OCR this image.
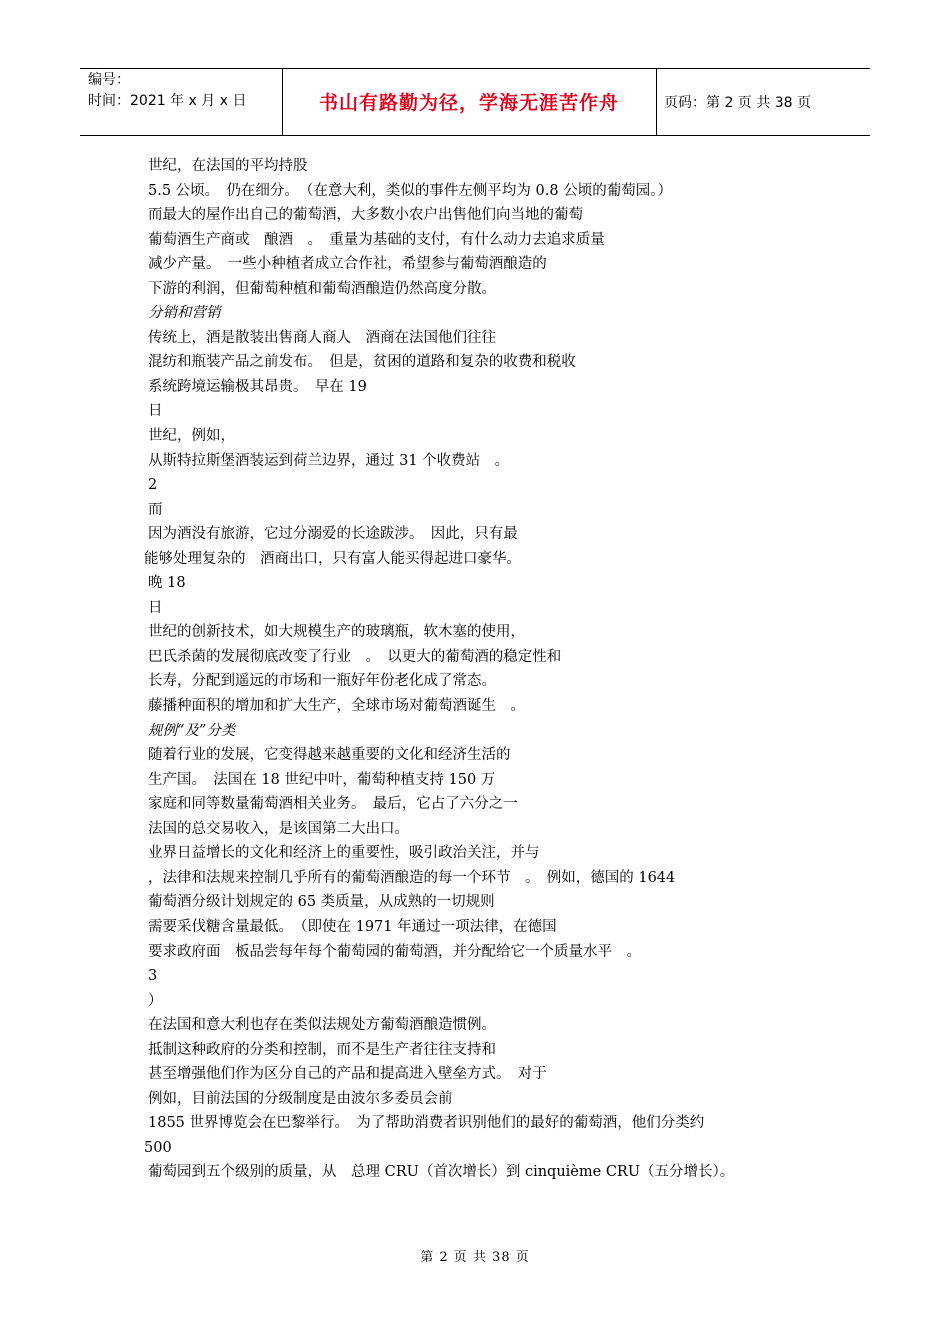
编号：
时间：2021 年 x 月 x 日	书山有路勤为径，学海无涯苦作舟	页码：第 2 页 共 38 页
世纪，在法国的平均持股
5.5 公顷。　仍在细分。　（在意大利，类似的事件左侧平均为 0.8 公顷的葡萄园。）
而最大的屋作出自己的葡萄酒，大多数小农户出售他们向当地的葡萄
葡萄酒生产商或　酿酒　。　重量为基础的支付，有什么动力去追求质量
减少产量。　一些小种植者成立合作社，希望参与葡萄酒酿造的
下游的利润，但葡萄种植和葡萄酒酿造仍然高度分散。
分销和营销
传统上，酒是散装出售商人商人　酒商在法国他们往往
混纺和瓶装产品之前发布。　但是，贫困的道路和复杂的收费和税收
系统跨境运输极其昂贵。　早在 19
日
世纪，例如，
从斯特拉斯堡酒装运到荷兰边界，通过 31 个收费站　。
2
而
因为酒没有旅游，它过分溺爱的长途跋涉。　因此，只有最
能够处理复杂的　酒商出口，只有富人能买得起进口豪华。
晚 18
日
世纪的创新技术，如大规模生产的玻璃瓶，软木塞的使用，
巴氏杀菌的发展彻底改变了行业　。　以更大的葡萄酒的稳定性和
长寿，分配到遥远的市场和一瓶好年份老化成了常态。
藤播种面积的增加和扩大生产，全球市场对葡萄酒诞生　。
规例“及”分类
随着行业的发展，它变得越来越重要的文化和经济生活的
生产国。　法国在 18 世纪中叶，葡萄种植支持 150 万
家庭和同等数量葡萄酒相关业务。　最后，它占了六分之一
法国的总交易收入，是该国第二大出口。
业界日益增长的文化和经济上的重要性，吸引政治关注，并与
，法律和法规来控制几乎所有的葡萄酒酿造的每一个环节　。　例如，德国的 1644
葡萄酒分级计划规定的 65 类质量，从成熟的一切规则
需要采伐糖含量最低。　（即使在 1971 年通过一项法律，在德国
要求政府面　板品尝每年每个葡萄园的葡萄酒，并分配给它一个质量水平　。
3
）
在法国和意大利也存在类似法规处方葡萄酒酿造惯例。
抵制这种政府的分类和控制，而不是生产者往往支持和
甚至增强他们作为区分自己的产品和提高进入壁垒方式。　对于
例如，目前法国的分级制度是由波尔多委员会前
1855 世界博览会在巴黎举行。　为了帮助消费者识别他们的最好的葡萄酒，他们分类约
500
葡萄园到五个级别的质量，从　总理 CRU（首次增长）到 cinquième CRU（五分增长）。
第 2 页 共 38 页
